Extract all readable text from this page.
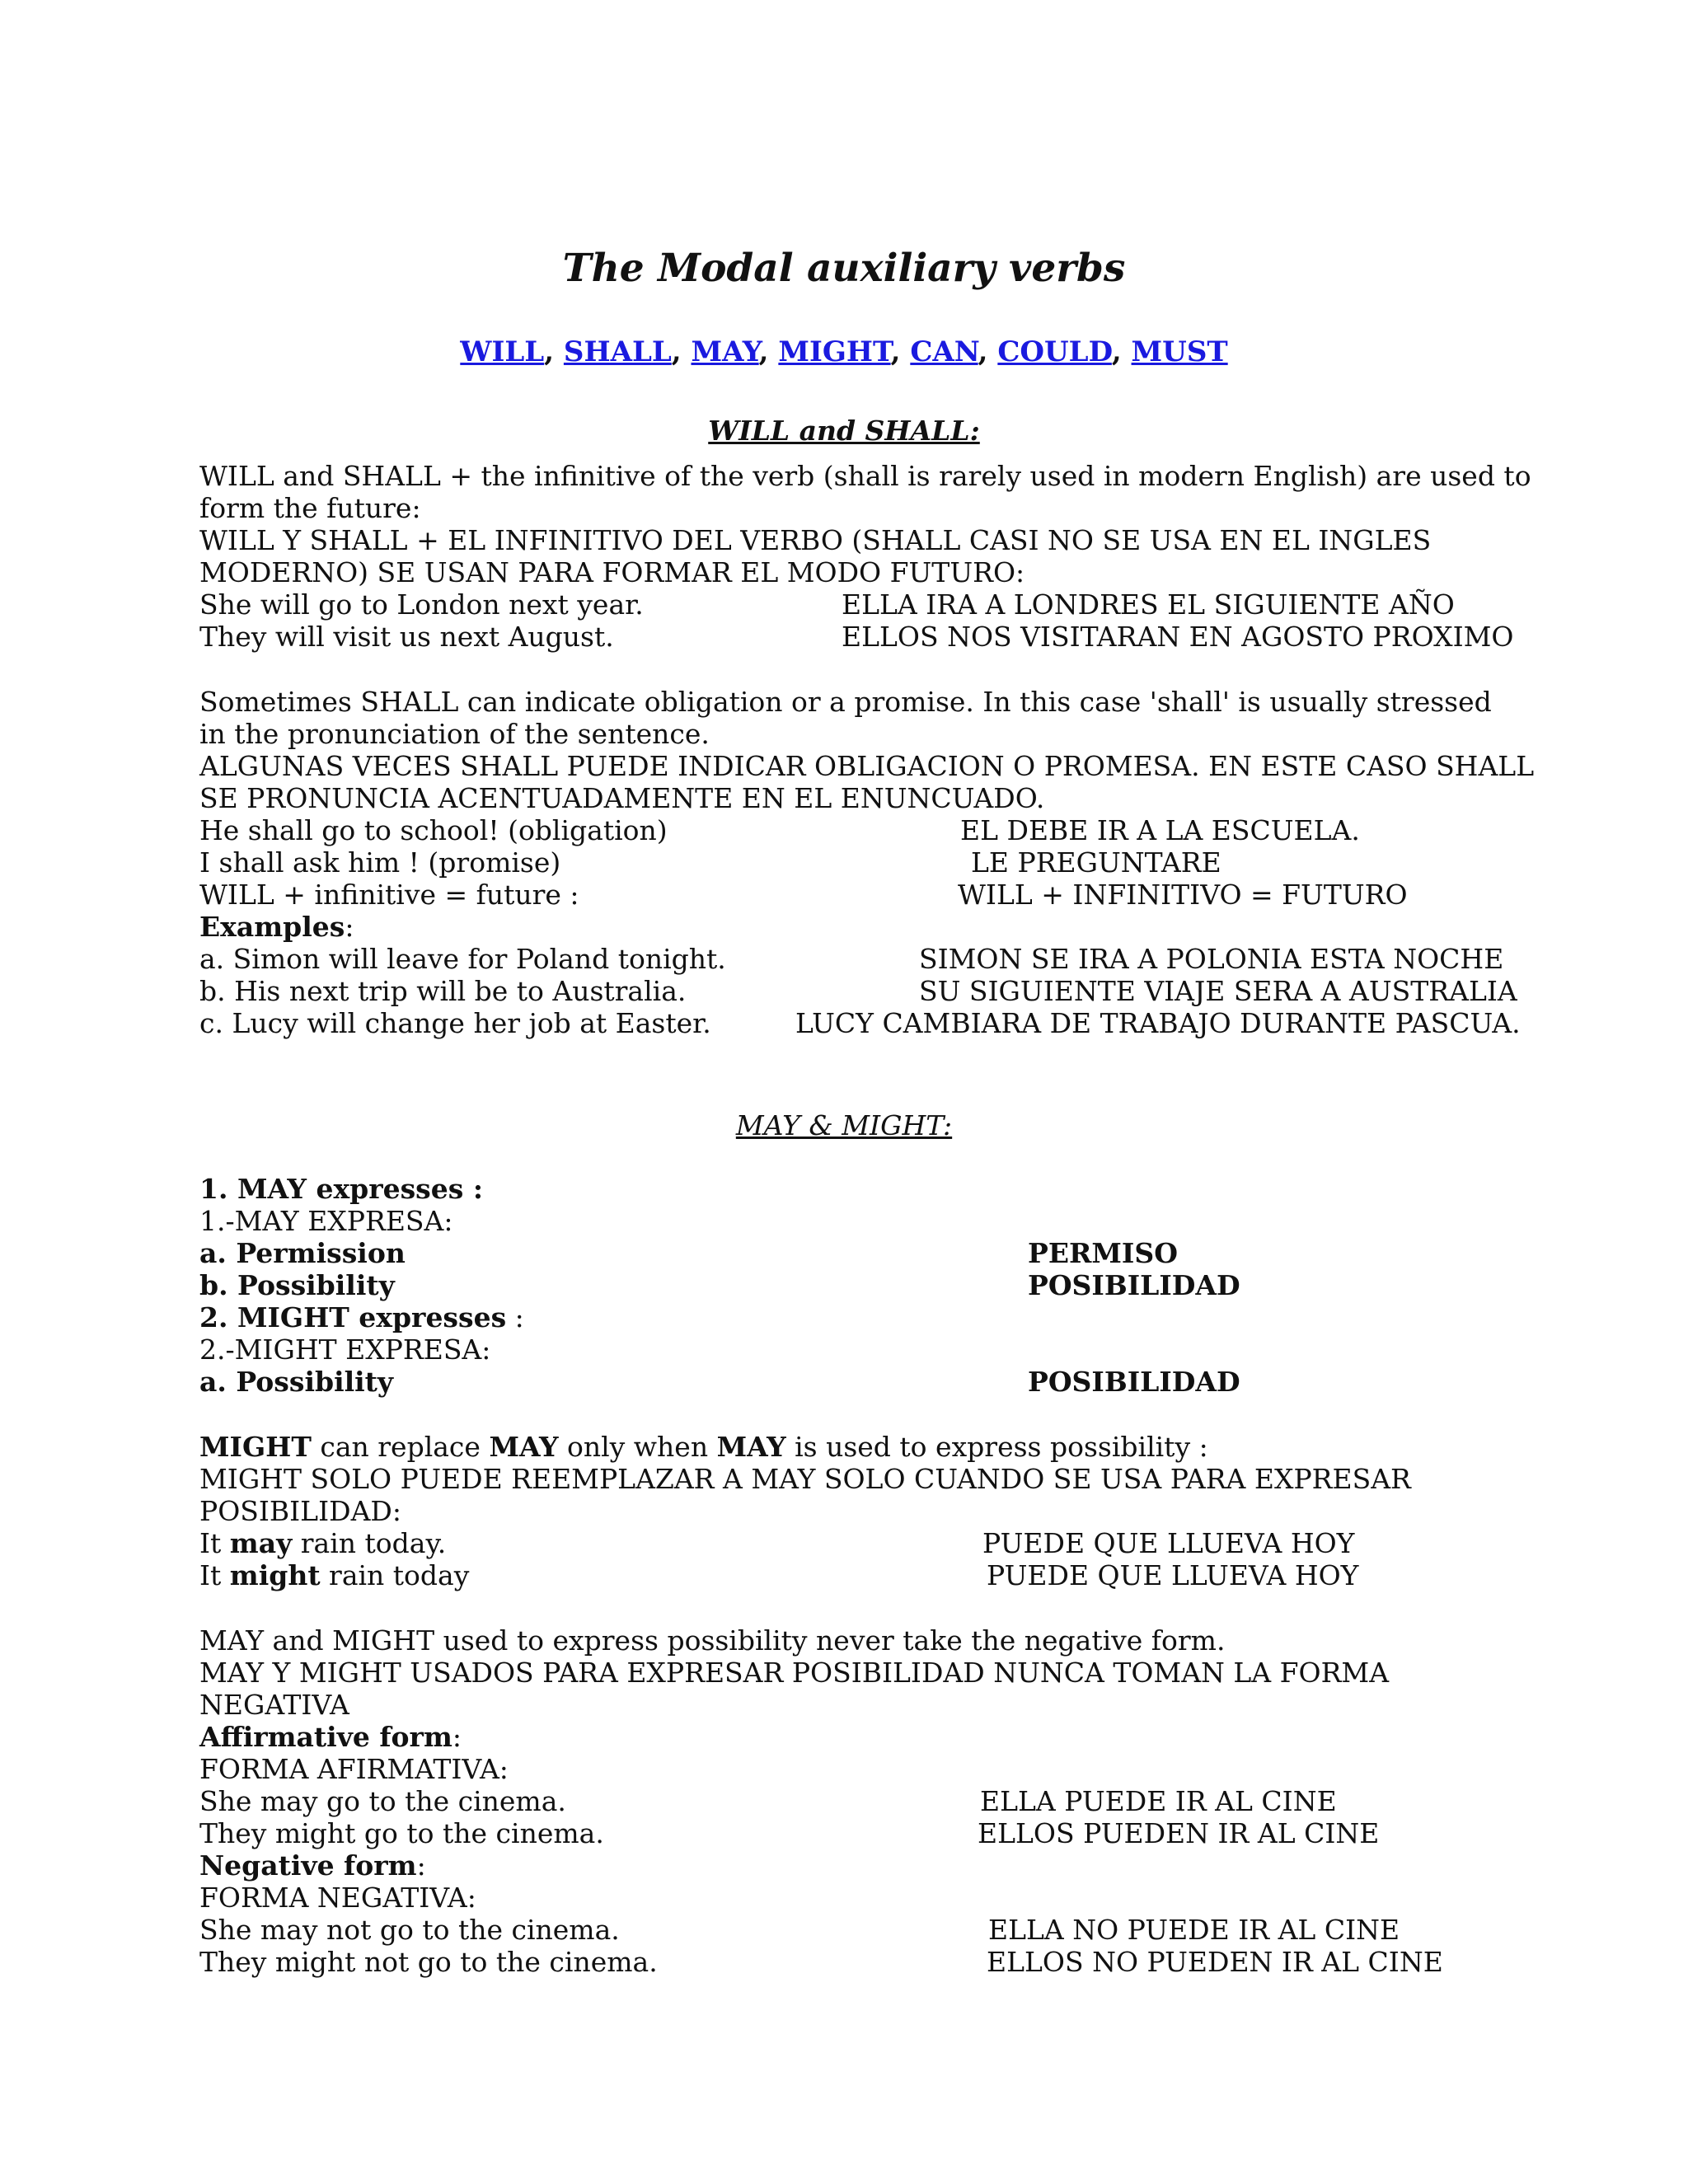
The Modal auxiliary verbs
WILL, SHALL, MAY, MIGHT, CAN, COULD, MUST
WILL and SHALL:
WILL and SHALL + the infinitive of the verb (shall is rarely used in modern English) are used to
form the future:
WILL Y SHALL + EL INFINITIVO DEL VERBO (SHALL CASI NO SE USA EN EL INGLES
MODERNO) SE USAN PARA FORMAR EL MODO FUTURO:
She will go to London next year.	ELLA IRA A LONDRES EL SIGUIENTE AÑO
They will visit us next August.	ELLOS NOS VISITARAN EN AGOSTO PROXIMO
Sometimes SHALL can indicate obligation or a promise. In this case 'shall' is usually stressed
in the pronunciation of the sentence.
ALGUNAS VECES SHALL PUEDE INDICAR OBLIGACION O PROMESA. EN ESTE CASO SHALL
SE PRONUNCIA ACENTUADAMENTE EN EL ENUNCUADO.
He shall go to school! (obligation)	EL DEBE IR A LA ESCUELA.
I shall ask him ! (promise)	LE PREGUNTARE
WILL + infinitive = future :	WILL + INFINITIVO = FUTURO
Examples:
a. Simon will leave for Poland tonight.	SIMON SE IRA A POLONIA ESTA NOCHE
b. His next trip will be to Australia.	SU SIGUIENTE VIAJE SERA A AUSTRALIA
c. Lucy will change her job at Easter.	LUCY CAMBIARA DE TRABAJO DURANTE PASCUA.
MAY & MIGHT:
1. MAY expresses :
1.-MAY EXPRESA:
a. Permission	PERMISO
b. Possibility	POSIBILIDAD
2. MIGHT expresses :
2.-MIGHT EXPRESA:
a. Possibility	POSIBILIDAD
MIGHT can replace MAY only when MAY is used to express possibility :
MIGHT SOLO PUEDE REEMPLAZAR A MAY SOLO CUANDO SE USA PARA EXPRESAR
POSIBILIDAD:
It may rain today.	PUEDE QUE LLUEVA HOY
It might rain today	PUEDE QUE LLUEVA HOY
MAY and MIGHT used to express possibility never take the negative form.
MAY Y MIGHT USADOS PARA EXPRESAR POSIBILIDAD NUNCA TOMAN LA FORMA
NEGATIVA
Affirmative form:
FORMA AFIRMATIVA:
She may go to the cinema.	ELLA PUEDE IR AL CINE
They might go to the cinema.	ELLOS PUEDEN IR AL CINE
Negative form:
FORMA NEGATIVA:
She may not go to the cinema.	ELLA NO PUEDE IR AL CINE
They might not go to the cinema.	ELLOS NO PUEDEN IR AL CINE
